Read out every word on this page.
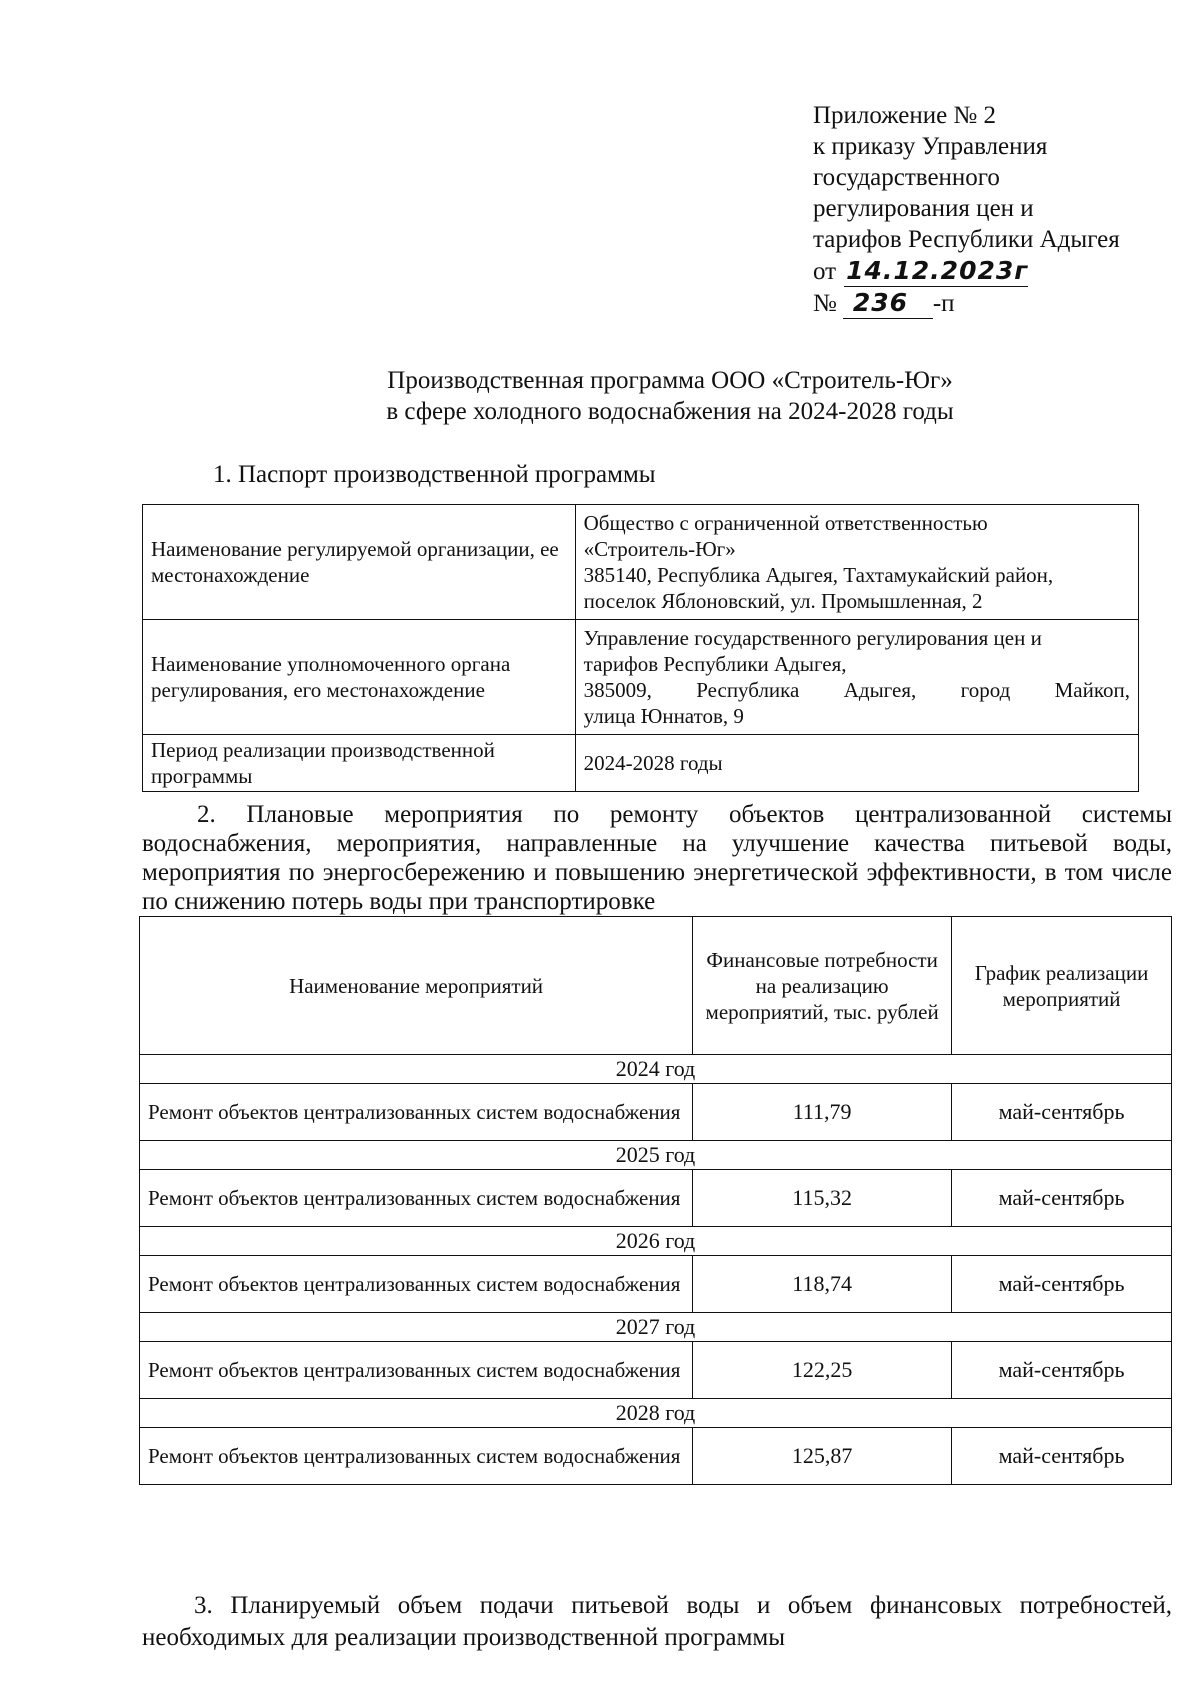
Приложение № 2
к приказу Управления
государственного
регулирования цен и
тарифов Республики Адыгея
от 14.12.2023г
№ 236 -п
Производственная программа ООО «Строитель-Юг»
в сфере холодного водоснабжения на 2024-2028 годы
1. Паспорт производственной программы
Наименование регулируемой организации, ее местонахождение	Общество с ограниченной ответственностью
«Строитель-Юг»
385140, Республика Адыгея, Тахтамукайский район,
поселок Яблоновский, ул. Промышленная, 2

Наименование уполномоченного органа регулирования, его местонахождение	Управление государственного регулирования цен и
тарифов Республики Адыгея,
385009, Республика Адыгея, город Майкоп,
улица Юннатов, 9

Период реализации производственной программы	2024-2028 годы
2. Плановые мероприятия по ремонту объектов централизованной системы водоснабжения, мероприятия, направленные на улучшение качества питьевой воды, мероприятия по энергосбережению и повышению энергетической эффективности, в том числе по снижению потерь воды при транспортировке
Наименование мероприятий	Финансовые потребности на реализацию мероприятий, тыс. рублей	График реализации мероприятий
2024 год		
Ремонт объектов централизованных систем водоснабжения	111,79	май-сентябрь
2025 год		
Ремонт объектов централизованных систем водоснабжения	115,32	май-сентябрь
2026 год		
Ремонт объектов централизованных систем водоснабжения	118,74	май-сентябрь
2027 год		
Ремонт объектов централизованных систем водоснабжения	122,25	май-сентябрь
2028 год		
Ремонт объектов централизованных систем водоснабжения	125,87	май-сентябрь
3. Планируемый объем подачи питьевой воды и объем финансовых потребностей, необходимых для реализации производственной программы
